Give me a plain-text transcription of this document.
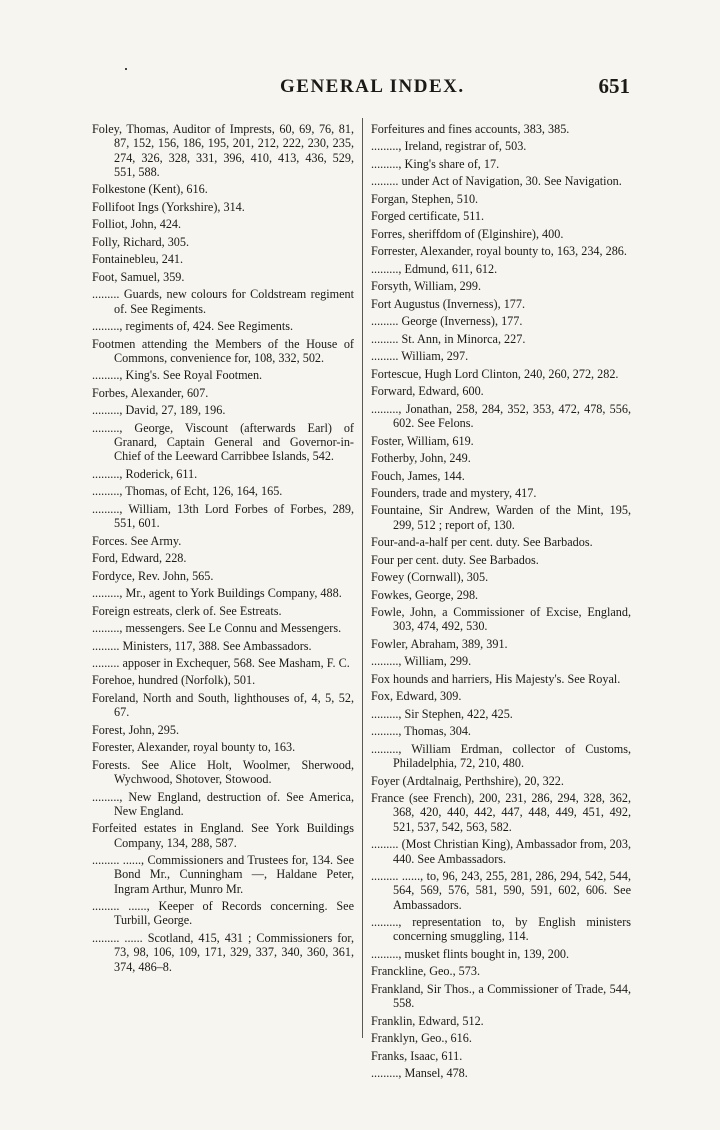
GENERAL INDEX.	651
Foley, Thomas, Auditor of Imprests, 60, 69, 76, 81, 87, 152, 156, 186, 195, 201, 212, 222, 230, 235, 274, 326, 328, 331, 396, 410, 413, 436, 529, 551, 588.
Folkestone (Kent), 616.
Follifoot Ings (Yorkshire), 314.
Folliot, John, 424.
Folly, Richard, 305.
Fontainebleu, 241.
Foot, Samuel, 359.
......... Guards, new colours for Coldstream regiment of. See Regiments.
........., regiments of, 424. See Regiments.
Footmen attending the Members of the House of Commons, convenience for, 108, 332, 502.
........., King's. See Royal Footmen.
Forbes, Alexander, 607.
........., David, 27, 189, 196.
........., George, Viscount (afterwards Earl) of Granard, Captain General and Governor-in-Chief of the Leeward Carribbee Islands, 542.
........., Roderick, 611.
........., Thomas, of Echt, 126, 164, 165.
........., William, 13th Lord Forbes of Forbes, 289, 551, 601.
Forces. See Army.
Ford, Edward, 228.
Fordyce, Rev. John, 565.
........., Mr., agent to York Buildings Company, 488.
Foreign estreats, clerk of. See Estreats.
........., messengers. See Le Connu and Messengers.
......... Ministers, 117, 388. See Ambassadors.
......... apposer in Exchequer, 568. See Masham, F. C.
Forehoe, hundred (Norfolk), 501.
Foreland, North and South, lighthouses of, 4, 5, 52, 67.
Forest, John, 295.
Forester, Alexander, royal bounty to, 163.
Forests. See Alice Holt, Woolmer, Sherwood, Wychwood, Shotover, Stowood.
........., New England, destruction of. See America, New England.
Forfeited estates in England. See York Buildings Company, 134, 288, 587.
......... ......, Commissioners and Trustees for, 134. See Bond Mr., Cunningham —, Haldane Peter, Ingram Arthur, Munro Mr.
......... ......, Keeper of Records concerning. See Turbill, George.
......... ...... Scotland, 415, 431 ; Commissioners for, 73, 98, 106, 109, 171, 329, 337, 340, 360, 361, 374, 486–8.
Forfeitures and fines accounts, 383, 385.
........., Ireland, registrar of, 503.
........., King's share of, 17.
......... under Act of Navigation, 30. See Navigation.
Forgan, Stephen, 510.
Forged certificate, 511.
Forres, sheriffdom of (Elginshire), 400.
Forrester, Alexander, royal bounty to, 163, 234, 286.
........., Edmund, 611, 612.
Forsyth, William, 299.
Fort Augustus (Inverness), 177.
......... George (Inverness), 177.
......... St. Ann, in Minorca, 227.
......... William, 297.
Fortescue, Hugh Lord Clinton, 240, 260, 272, 282.
Forward, Edward, 600.
........., Jonathan, 258, 284, 352, 353, 472, 478, 556, 602. See Felons.
Foster, William, 619.
Fotherby, John, 249.
Fouch, James, 144.
Founders, trade and mystery, 417.
Fountaine, Sir Andrew, Warden of the Mint, 195, 299, 512 ; report of, 130.
Four-and-a-half per cent. duty. See Barbados.
Four per cent. duty. See Barbados.
Fowey (Cornwall), 305.
Fowkes, George, 298.
Fowle, John, a Commissioner of Excise, England, 303, 474, 492, 530.
Fowler, Abraham, 389, 391.
........., William, 299.
Fox hounds and harriers, His Majesty's. See Royal.
Fox, Edward, 309.
........., Sir Stephen, 422, 425.
........., Thomas, 304.
........., William Erdman, collector of Customs, Philadelphia, 72, 210, 480.
Foyer (Ardtalnaig, Perthshire), 20, 322.
France (see French), 200, 231, 286, 294, 328, 362, 368, 420, 440, 442, 447, 448, 449, 451, 492, 521, 537, 542, 563, 582.
......... (Most Christian King), Ambassador from, 203, 440. See Ambassadors.
......... ......, to, 96, 243, 255, 281, 286, 294, 542, 544, 564, 569, 576, 581, 590, 591, 602, 606. See Ambassadors.
........., representation to, by English ministers concerning smuggling, 114.
........., musket flints bought in, 139, 200.
Franckline, Geo., 573.
Frankland, Sir Thos., a Commissioner of Trade, 544, 558.
Franklin, Edward, 512.
Franklyn, Geo., 616.
Franks, Isaac, 611.
........., Mansel, 478.
